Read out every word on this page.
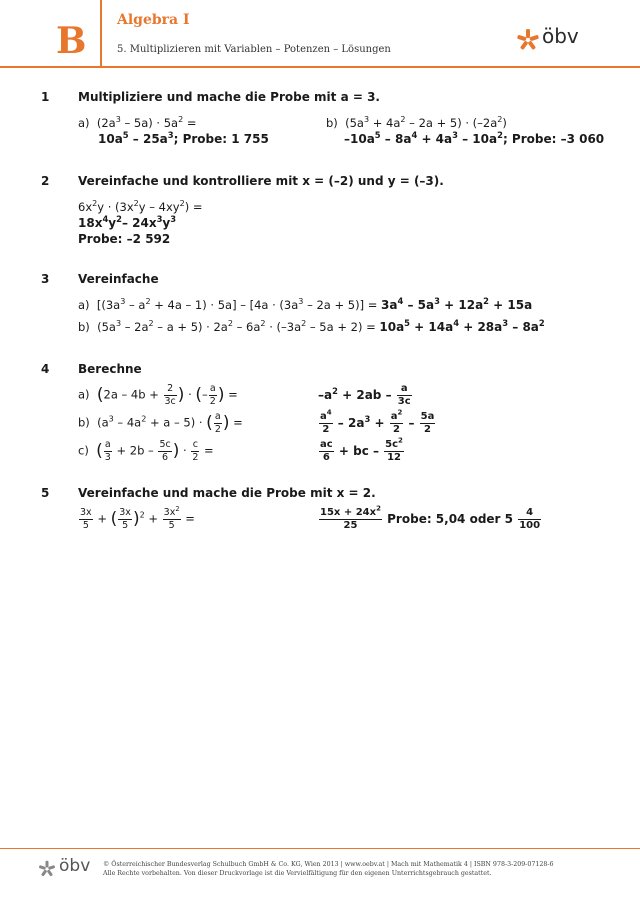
B Algebra I
5. Multiplizieren mit Variablen – Potenzen – Lösungen
öbv
1 Multipliziere und mache die Probe mit a = 3.
a) $(2a^3 - 5a) \cdot 5a^2$ =
$10a^5 - 25a^3$; Probe: 1 755
b) $(5a^3 + 4a^2 - 2a + 5) \cdot (-2a^2)$
$-10a^5 - 8a^4 + 4a^3 - 10a^2$; Probe: –3 060
2 Vereinfache und kontrolliere mit x = (–2) und y = (–3).
$6x^2y \cdot (3x^2y - 4xy^2)$ =
$18x^4y^2-$ $24x^3y^3$
Probe: –2 592
3 Vereinfache
a) $[(3a^3 - a^2 + 4a - 1) \cdot 5a] - [4a \cdot (3a^3 - 2a + 5)] = 3a^4 - 5a^3 + 12a^2 + 15a$
b) $(5a^3 - 2a^2 - a + 5) \cdot 2a^2 - 6a^2 \cdot (-3a^2 - 5a + 2) = 10a^5 + 14a^4 + 28a^3 - 8a^2$
4 Berechne
a) ($2a - 4b + \frac{2}{3c}$ ) · (– $\frac{a}{2}$ ) =	$-a^2 + 2ab - \frac{a}{3c}$
b) $(a^3 - 4a^2 + a - 5)$ · ( $\frac{a}{2}$ ) =	$\frac{a^4}{2} - 2a^3 + \frac{a^2}{2} - \frac{5a}{2}$
c) ( $\frac{a}{3} + 2b - \frac{5c}{6}$ ) · $\frac{c}{2}$ =	$\frac{ac}{6}$ + bc – $\frac{5c^2}{12}$
5 Vereinfache und mache die Probe mit x = 2.
$\frac{3x}{5}$ + ( $\frac{3x}{5} )^2 + \frac{3x^2}{5}$ =	$\frac{15x + 24x^2}{25}$ Probe: 5,04 oder $5 \frac{4}{100}$
öbv © Österreichischer Bundesverlag Schulbuch GmbH & Co. KG, Wien 2013 | www.oebv.at | Mach mit Mathematik 4 | ISBN 978-3-209-07128-6
Alle Rechte vorbehalten. Von dieser Druckvorlage ist die Vervielfältigung für den eigenen Unterrichtsgebrauch gestattet.
